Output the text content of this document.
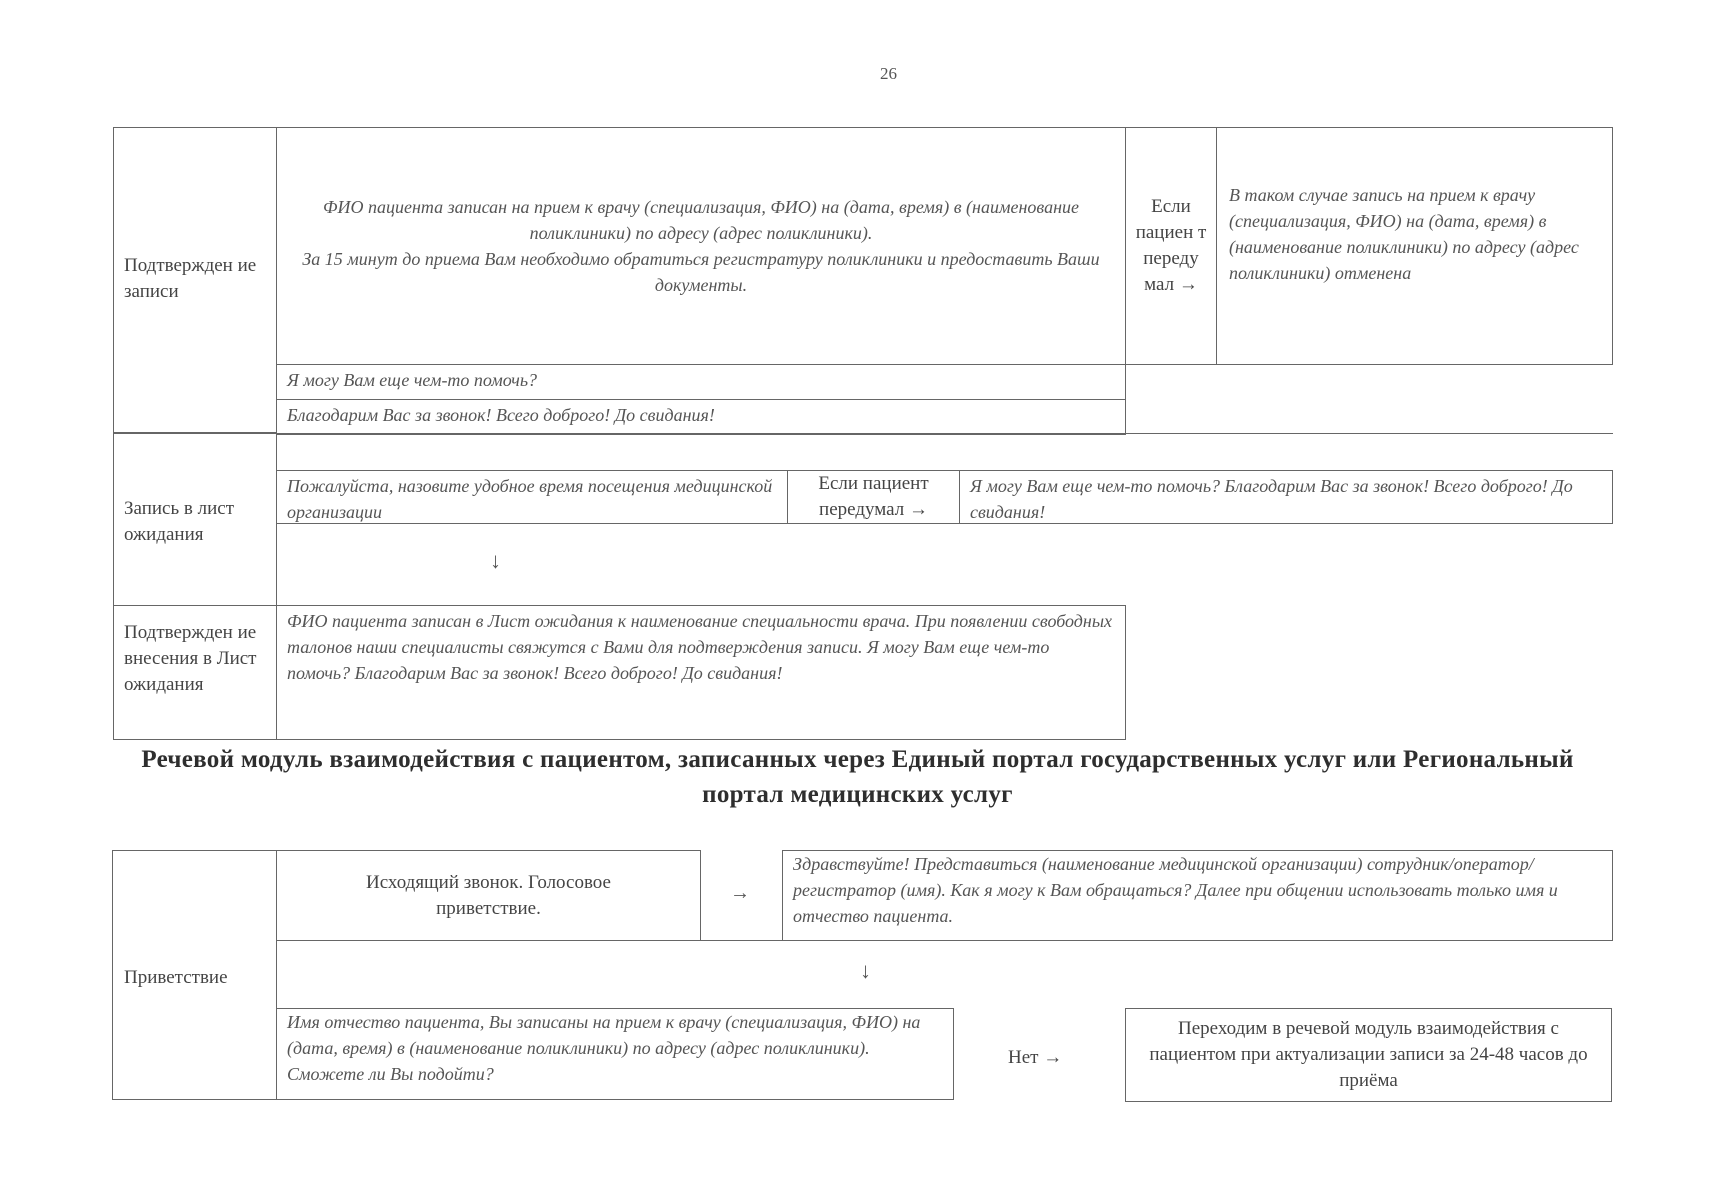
26
Подтвержден ие записи
ФИО пациента записан на прием к врачу (специализация, ФИО) на (дата, время) в (наименование поликлиники) по адресу (адрес поликлиники).
За 15 минут до приема Вам необходимо обратиться регистратуру поликлиники и предоставить Ваши документы.
Если пациен т переду мал →
В таком случае запись на прием к врачу (специализация, ФИО) на (дата, время) в (наименование поликлиники) по адресу (адрес поликлиники) отменена
Я могу Вам еще чем-то помочь?
Благодарим Вас за звонок! Всего доброго! До свидания!
Запись в лист ожидания
Пожалуйста, назовите удобное время посещения медицинской организации
Если пациент передумал →
Я могу Вам еще чем-то помочь? Благодарим Вас за звонок! Всего доброго! До свидания!
↓
Подтвержден ие внесения в Лист ожидания
ФИО пациента записан в Лист ожидания к наименование специальности врача. При появлении свободных талонов наши специалисты свяжутся с Вами для подтверждения записи. Я могу Вам еще чем-то помочь? Благодарим Вас за звонок! Всего доброго! До свидания!
Речевой модуль взаимодействия с пациентом, записанных через Единый портал государственных услуг или Региональный портал медицинских услуг
Приветствие
Исходящий звонок. Голосовое приветствие.
→
Здравствуйте! Представиться (наименование медицинской организации) сотрудник/оператор/регистратор (имя). Как я могу к Вам обращаться? Далее при общении использовать только имя и отчество пациента.
↓
Имя отчество пациента, Вы записаны на прием к врачу (специализация, ФИО) на (дата, время) в (наименование поликлиники) по адресу (адрес поликлиники). Сможете ли Вы подойти?
Нет →
Переходим в речевой модуль взаимодействия с пациентом при актуализации записи за 24-48 часов до приёма
